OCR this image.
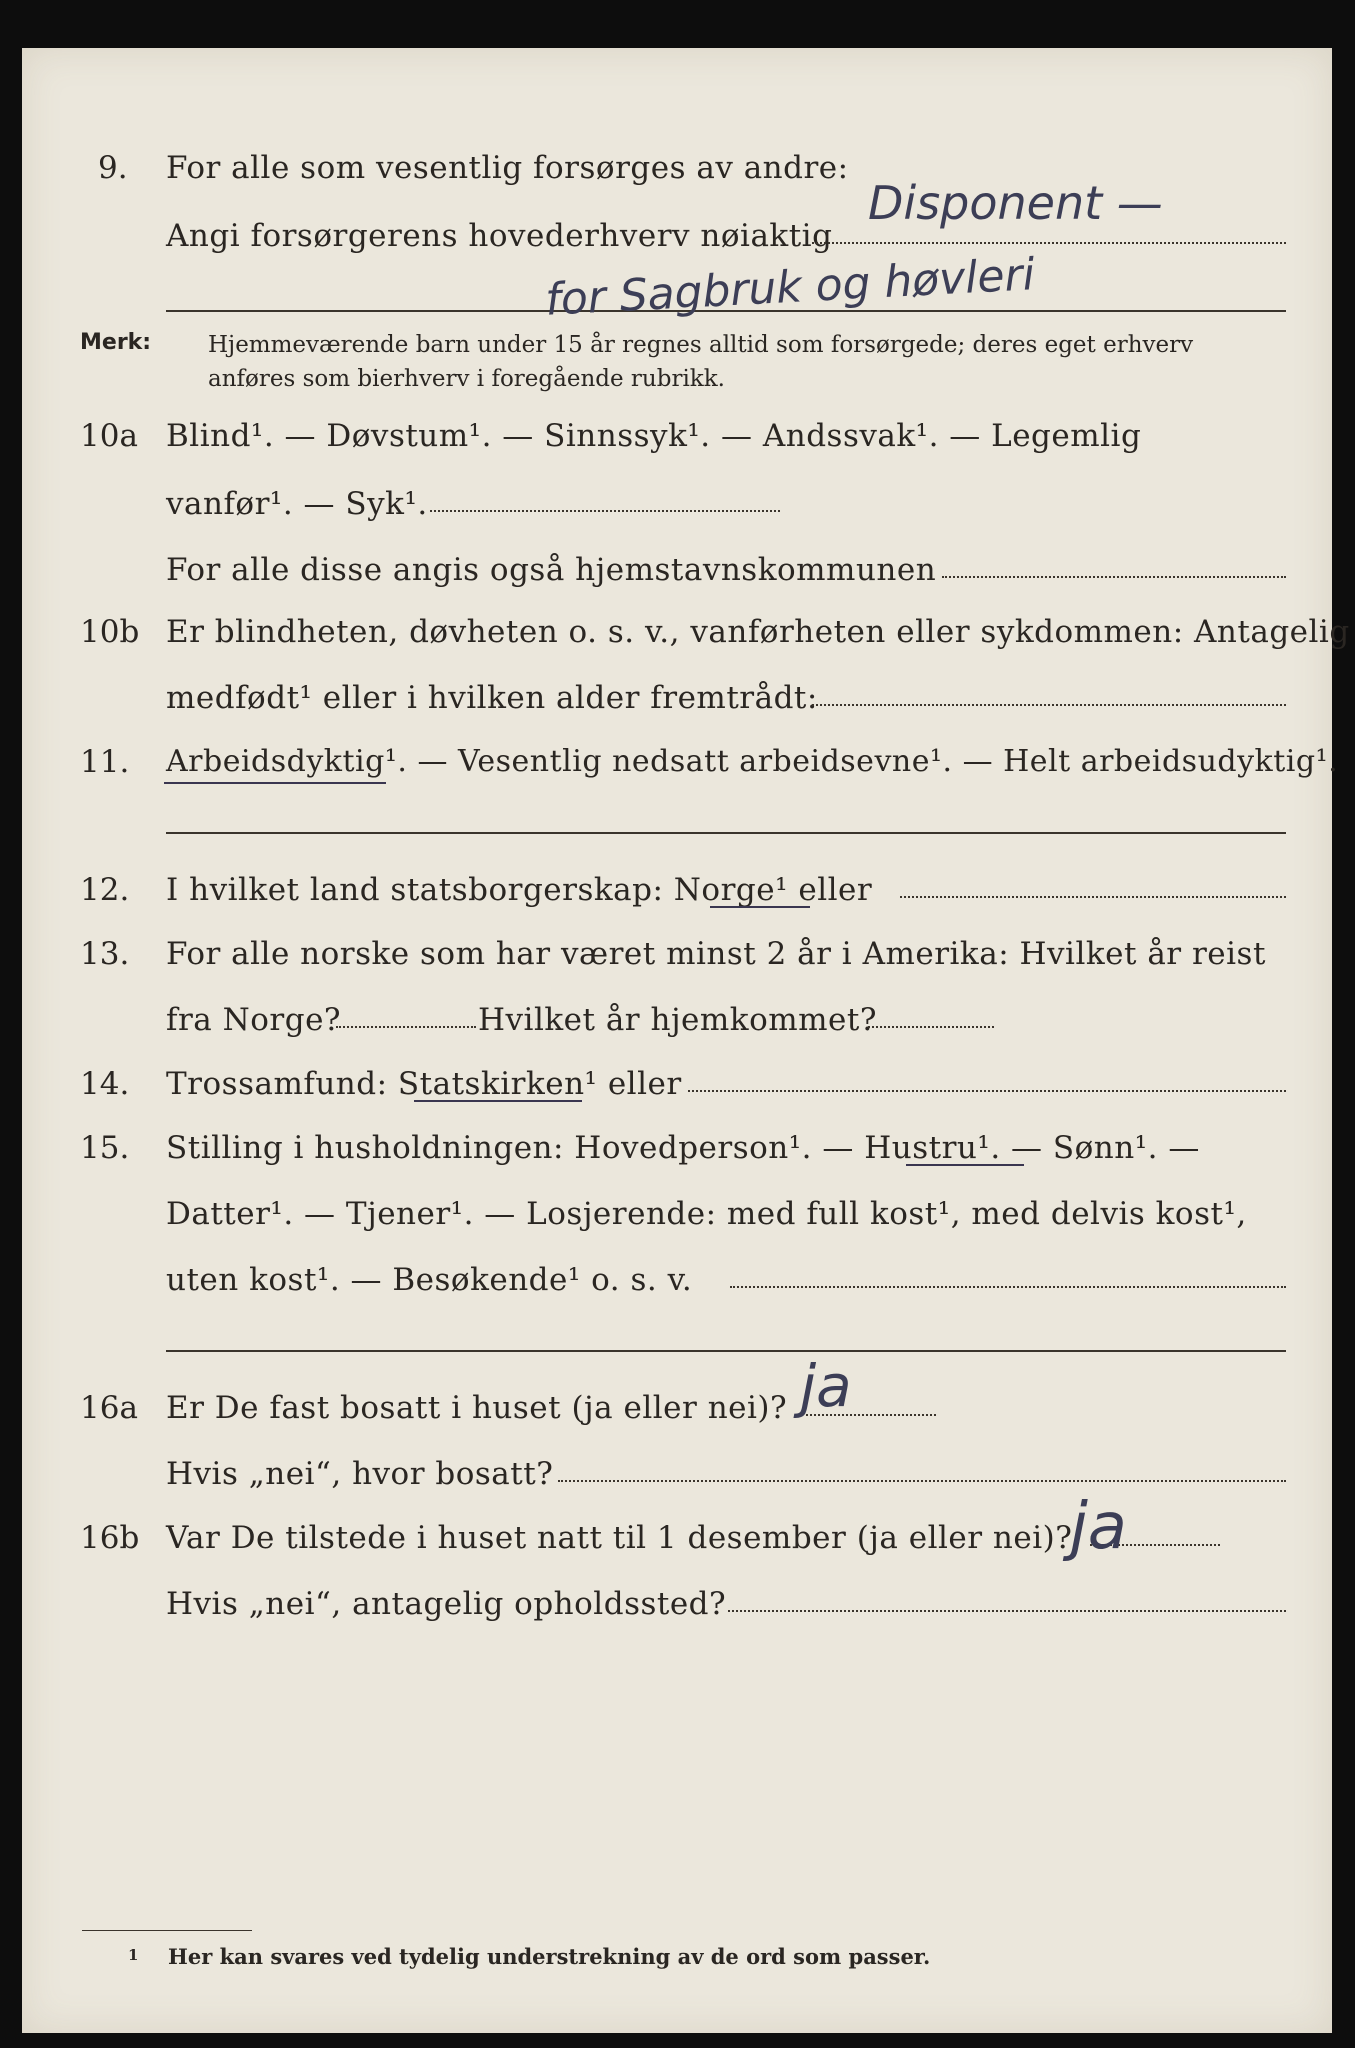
9. For alle som vesentlig forsørges av andre:
Angi forsørgerens hovederhverv nøiaktig
Disponent —
for Sagbruk og høvleri
Merk: Hjemmeværende barn under 15 år regnes alltid som forsørgede; deres eget erhverv
anføres som bierhverv i foregående rubrikk.
10a Blind¹. — Døvstum¹. — Sinnssyk¹. — Andssvak¹. — Legemlig
vanfør¹. — Syk¹.
For alle disse angis også hjemstavnskommunen
10b Er blindheten, døvheten o. s. v., vanførheten eller sykdommen: Antagelig
medfødt¹ eller i hvilken alder fremtrådt:
11. Arbeidsdyktig¹. — Vesentlig nedsatt arbeidsevne¹. — Helt arbeidsudyktig¹.
12. I hvilket land statsborgerskap: Norge¹ eller
13. For alle norske som har været minst 2 år i Amerika: Hvilket år reist
fra Norge?	Hvilket år hjemkommet?
14. Trossamfund: Statskirken¹ eller
15. Stilling i husholdningen: Hovedperson¹. — Hustru¹. — Sønn¹. —
Datter¹. — Tjener¹. — Losjerende: med full kost¹, med delvis kost¹,
uten kost¹. — Besøkende¹ o. s. v.
16a Er De fast bosatt i huset (ja eller nei)? ja
Hvis „nei“, hvor bosatt?
16b Var De tilstede i huset natt til 1 desember (ja eller nei)?
ja
Hvis „nei“, antagelig opholdssted?
1 Her kan svares ved tydelig understrekning av de ord som passer.
